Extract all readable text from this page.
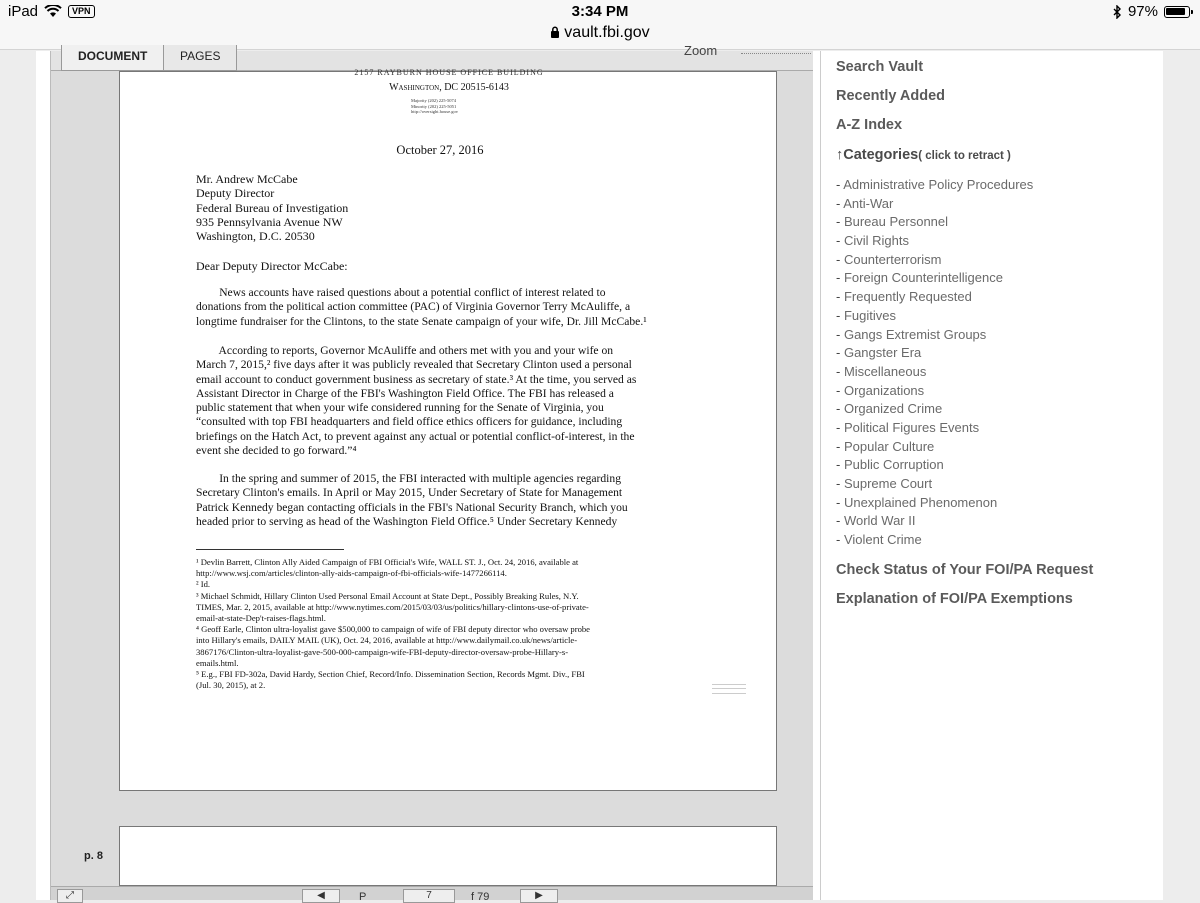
iPad	VPN	3:34 PM
vault.fbi.gov
97%
DOCUMENT	PAGES	Zoom
2157 RAYBURN HOUSE OFFICE BUILDING
Washington, DC 20515-6143
Majority (202) 225-5074
Minority (202) 225-5051
http://oversight.house.gov
October 27, 2016
Mr. Andrew McCabe
Deputy Director
Federal Bureau of Investigation
935 Pennsylvania Avenue NW
Washington, D.C. 20530
Dear Deputy Director McCabe:
News accounts have raised questions about a potential conflict of interest related to
donations from the political action committee (PAC) of Virginia Governor Terry McAuliffe, a
longtime fundraiser for the Clintons, to the state Senate campaign of your wife, Dr. Jill McCabe.¹
According to reports, Governor McAuliffe and others met with you and your wife on
March 7, 2015,² five days after it was publicly revealed that Secretary Clinton used a personal
email account to conduct government business as secretary of state.³ At the time, you served as
Assistant Director in Charge of the FBI's Washington Field Office. The FBI has released a
public statement that when your wife considered running for the Senate of Virginia, you
“consulted with top FBI headquarters and field office ethics officers for guidance, including
briefings on the Hatch Act, to prevent against any actual or potential conflict-of-interest, in the
event she decided to go forward.”⁴
In the spring and summer of 2015, the FBI interacted with multiple agencies regarding
Secretary Clinton's emails. In April or May 2015, Under Secretary of State for Management
Patrick Kennedy began contacting officials in the FBI's National Security Branch, which you
headed prior to serving as head of the Washington Field Office.⁵ Under Secretary Kennedy
¹ Devlin Barrett, Clinton Ally Aided Campaign of FBI Official's Wife, WALL ST. J., Oct. 24, 2016, available at
http://www.wsj.com/articles/clinton-ally-aids-campaign-of-fbi-officials-wife-1477266114.
² Id.
³ Michael Schmidt, Hillary Clinton Used Personal Email Account at State Dept., Possibly Breaking Rules, N.Y.
TIMES, Mar. 2, 2015, available at http://www.nytimes.com/2015/03/03/us/politics/hillary-clintons-use-of-private-
email-at-state-Dep't-raises-flags.html.
⁴ Geoff Earle, Clinton ultra-loyalist gave $500,000 to campaign of wife of FBI deputy director who oversaw probe
into Hillary's emails, DAILY MAIL (UK), Oct. 24, 2016, available at http://www.dailymail.co.uk/news/article-
3867176/Clinton-ultra-loyalist-gave-500-000-campaign-wife-FBI-deputy-director-oversaw-probe-Hillary-s-
emails.html.
⁵ E.g., FBI FD-302a, David Hardy, Section Chief, Record/Info. Dissemination Section, Records Mgmt. Div., FBI
(Jul. 30, 2015), at 2.
p. 8
⤢	◀	P	7	f 79	▶
Search Vault
Recently Added
A-Z Index
↑Categories( click to retract )
- Administrative Policy Procedures
- Anti-War
- Bureau Personnel
- Civil Rights
- Counterterrorism
- Foreign Counterintelligence
- Frequently Requested
- Fugitives
- Gangs Extremist Groups
- Gangster Era
- Miscellaneous
- Organizations
- Organized Crime
- Political Figures Events
- Popular Culture
- Public Corruption
- Supreme Court
- Unexplained Phenomenon
- World War II
- Violent Crime
Check Status of Your FOI/PA Request
Explanation of FOI/PA Exemptions
